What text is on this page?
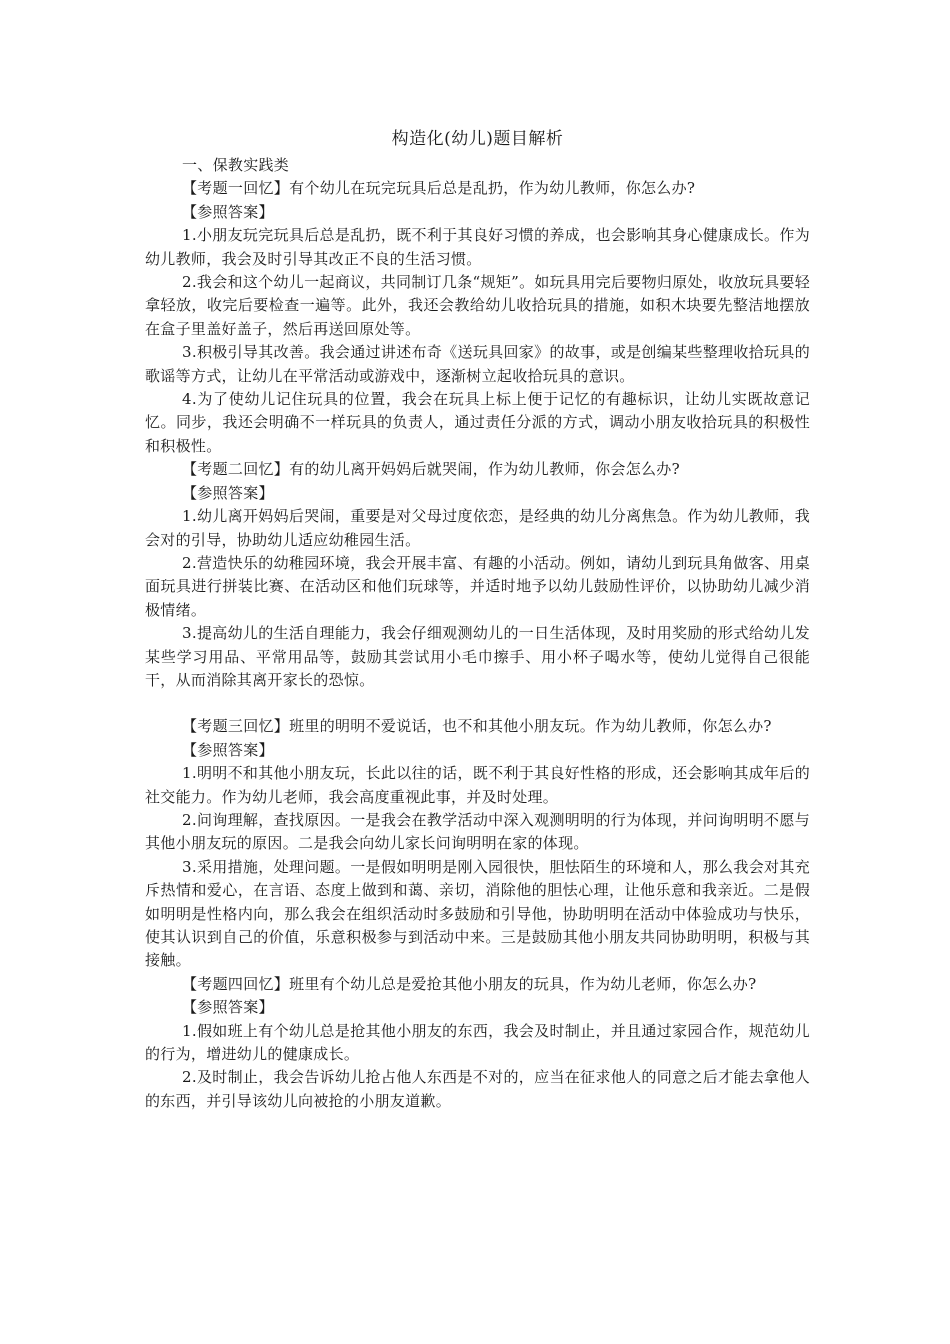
构造化(幼儿)题目解析

一、保教实践类

【考题一回忆】有个幼儿在玩完玩具后总是乱扔，作为幼儿教师，你怎么办?

【参照答案】

1.小朋友玩完玩具后总是乱扔，既不利于其良好习惯的养成，也会影响其身心健康成长。作为幼儿教师，我会及时引导其改正不良的生活习惯。

2.我会和这个幼儿一起商议，共同制订几条“规矩”。如玩具用完后要物归原处，收放玩具要轻拿轻放，收完后要检查一遍等。此外，我还会教给幼儿收拾玩具的措施，如积木块要先整洁地摆放在盒子里盖好盖子，然后再送回原处等。

3.积极引导其改善。我会通过讲述布奇《送玩具回家》的故事，或是创编某些整理收拾玩具的歌谣等方式，让幼儿在平常活动或游戏中，逐渐树立起收拾玩具的意识。

4.为了使幼儿记住玩具的位置，我会在玩具上标上便于记忆的有趣标识，让幼儿实既故意记忆。同步，我还会明确不一样玩具的负责人，通过责任分派的方式，调动小朋友收拾玩具的积极性和积极性。

【考题二回忆】有的幼儿离开妈妈后就哭闹，作为幼儿教师，你会怎么办?

【参照答案】

1.幼儿离开妈妈后哭闹，重要是对父母过度依恋，是经典的幼儿分离焦急。作为幼儿教师，我会对的引导，协助幼儿适应幼稚园生活。

2.营造快乐的幼稚园环境，我会开展丰富、有趣的小活动。例如，请幼儿到玩具角做客、用桌面玩具进行拼装比赛、在活动区和他们玩球等，并适时地予以幼儿鼓励性评价，以协助幼儿减少消极情绪。

3.提高幼儿的生活自理能力，我会仔细观测幼儿的一日生活体现，及时用奖励的形式给幼儿发某些学习用品、平常用品等，鼓励其尝试用小毛巾擦手、用小杯子喝水等，使幼儿觉得自己很能干，从而消除其离开家长的恐惊。

【考题三回忆】班里的明明不爱说话，也不和其他小朋友玩。作为幼儿教师，你怎么办?

【参照答案】

1.明明不和其他小朋友玩，长此以往的话，既不利于其良好性格的形成，还会影响其成年后的社交能力。作为幼儿老师，我会高度重视此事，并及时处理。

2.问询理解，查找原因。一是我会在教学活动中深入观测明明的行为体现，并问询明明不愿与其他小朋友玩的原因。二是我会向幼儿家长问询明明在家的体现。

3.采用措施，处理问题。一是假如明明是刚入园很快，胆怯陌生的环境和人，那么我会对其充斥热情和爱心，在言语、态度上做到和蔼、亲切，消除他的胆怯心理，让他乐意和我亲近。二是假如明明是性格内向，那么我会在组织活动时多鼓励和引导他，协助明明在活动中体验成功与快乐，使其认识到自己的价值，乐意积极参与到活动中来。三是鼓励其他小朋友共同协助明明，积极与其接触。

【考题四回忆】班里有个幼儿总是爱抢其他小朋友的玩具，作为幼儿老师，你怎么办?

【参照答案】

1.假如班上有个幼儿总是抢其他小朋友的东西，我会及时制止，并且通过家园合作，规范幼儿的行为，增进幼儿的健康成长。

2.及时制止，我会告诉幼儿抢占他人东西是不对的，应当在征求他人的同意之后才能去拿他人的东西，并引导该幼儿向被抢的小朋友道歉。
